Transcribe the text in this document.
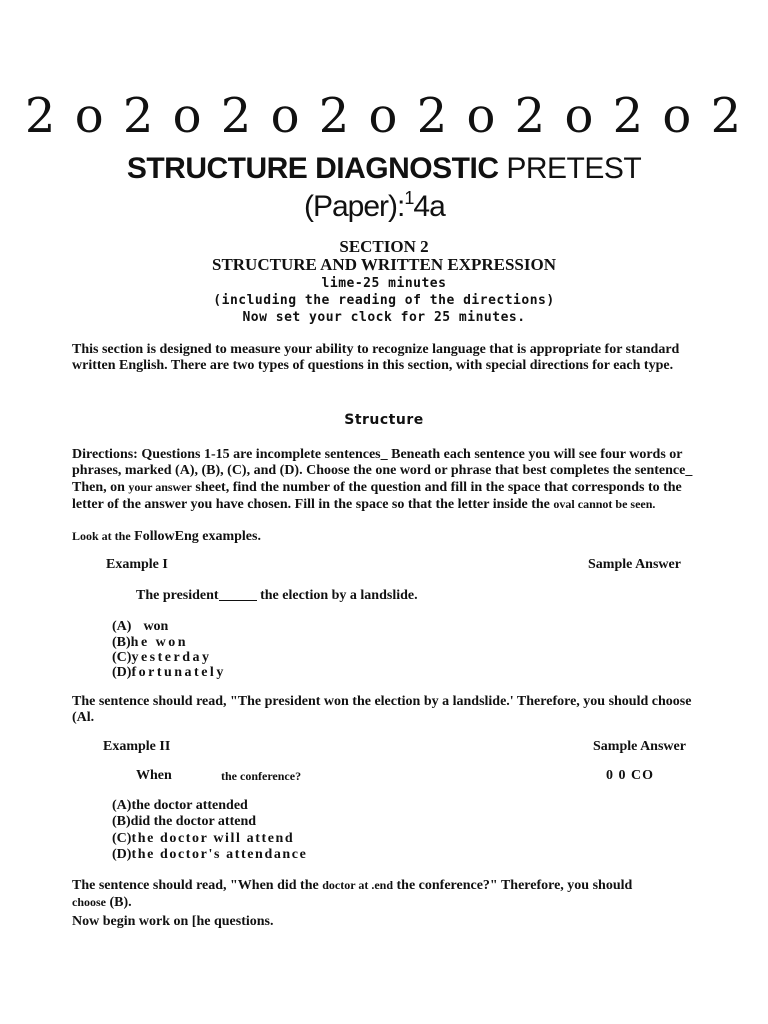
2 o 2 o 2 o 2 o 2 o 2 o 2 o 2
STRUCTURE DIAGNOSTIC PRETEST
(Paper):$^1$4a
SECTION 2
STRUCTURE AND WRITTEN EXPRESSION
lime-25 minutes
(including the reading of the directions)
Now set your clock for 25 minutes.
This section is designed to measure your ability to recognize language that is appropriate for standard written English. There are two types of questions in this section, with special directions for each type.
Structure
Directions: Questions 1-15 are incomplete sentences_ Beneath each sentence you will see four words or phrases, marked (A), (B), (C), and (D). Choose the one word or phrase that best completes the sentence_ Then, on your answer sheet, find the number of the question and fill in the space that corresponds to the letter of the answer you have chosen. Fill in the space so that the letter inside the oval cannot be seen.
Look at the FollowEng examples.
Example I	Sample Answer
The president	the election by a landslide.
(A) won
(B)he won
(C)yesterday
(D)fortunately
The sentence should read, "The president won the election by a landslide.' Therefore, you should choose (Al.
Example II	Sample Answer
When	the conference?	0 0 CO
(A)the doctor attended
(B)did the doctor attend
(C)the doctor will attend
(D)the doctor's attendance
The sentence should read, "When did the doctor at .end the conference?" Therefore, you should
choose (B).
Now begin work on [he questions.
